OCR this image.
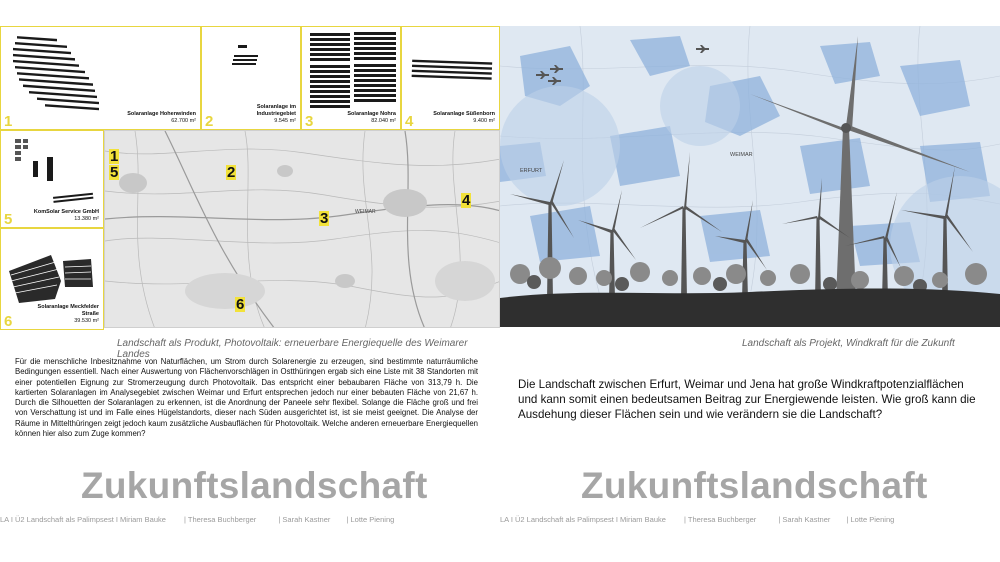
Solaranlage Hohenwinden
62.700 m²
1
Solaranlage im Industriegebiet
9.545 m²
2	Solaranlage Nohra
82.040 m²
3	Solaranlage Süßenborn
9.400 m²
4
KomSolar Service GmbH
13.380 m²
5
Solaranlage Meckfelder Straße
39.530 m²
6
WEIMAR
1
5	2
3
4
6
Landschaft als Produkt, Photovoltaik: erneuerbare Energiequelle des Weimarer Landes
Für die menschliche Inbesitznahme von Naturflächen, um Strom durch Solarenergie zu erzeugen, sind bestimmte naturräumliche Bedingungen essentiell. Nach einer Auswertung von Flächenvorschlägen in Ostthüringen ergab sich eine Liste mit 38 Standorten mit einer potentiellen Eignung zur Stromerzeugung durch Photovoltaik. Das entspricht einer bebaubaren Fläche von 313,79 h. Die kartierten Solaranlagen im Analysegebiet zwischen Weimar und Erfurt entsprechen jedoch nur einer bebauten Fläche von 21,67 h. Durch die Silhouetten der Solaranlagen zu erkennen, ist die Anordnung der Paneele sehr flexibel. Solange die Fläche groß und frei von Verschattung ist und im Falle eines Hügelstandorts, dieser nach Süden ausgerichtet ist, ist sie meist geeignet. Die Analyse der Räume in Mittelthüringen zeigt jedoch kaum zusätzliche Ausbauflächen für Photovoltaik. Welche anderen erneuerbare Energiequellen können hier also zum Zuge kommen?
Zukunftslandschaft
LA I Ü2 Landschaft als Palimpsest I Miriam Bauke | Theresa Buchberger	| Sarah Kastner | Lotte Piening
ERFURT
WEIMAR
Landschaft als Projekt, Windkraft für die Zukunft
Die Landschaft zwischen Erfurt, Weimar und Jena hat große Windkraftpotenzialflächen und kann somit einen bedeutsamen Beitrag zur Energiewende leisten. Wie groß kann die Ausdehung dieser Flächen sein und wie verändern sie die Landschaft?
Zukunftslandschaft
LA I Ü2 Landschaft als Palimpsest I Miriam Bauke | Theresa Buchberger	| Sarah Kastner | Lotte Piening
